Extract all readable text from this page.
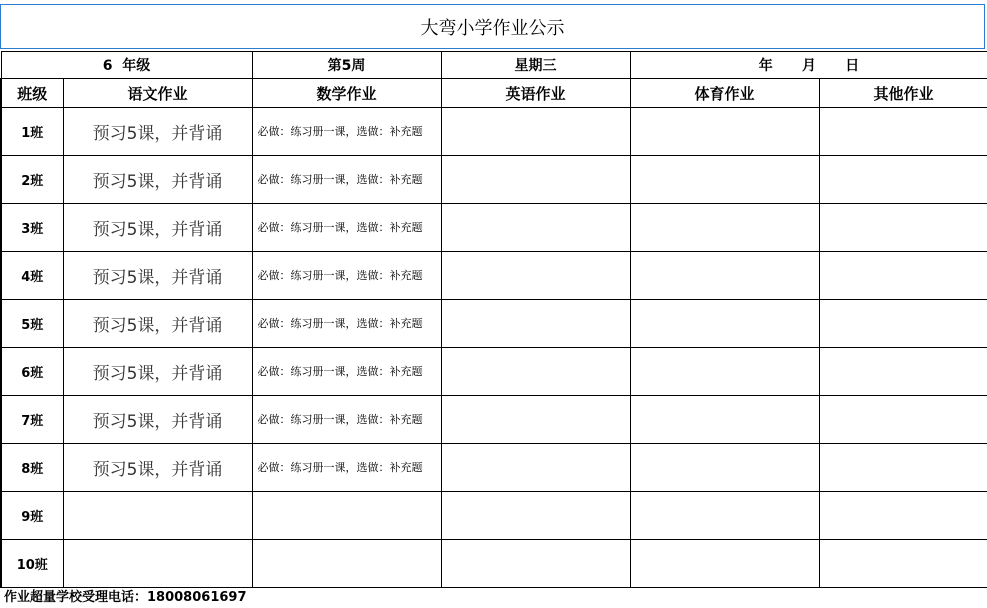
大弯小学作业公示
6  年级		第5周	星期三	年      月      日	
班级	语文作业	数学作业	英语作业	体育作业	其他作业
1班	预习5课，并背诵	必做：练习册一课，选做：补充题			
2班	预习5课，并背诵	必做：练习册一课，选做：补充题			
3班	预习5课，并背诵	必做：练习册一课，选做：补充题			
4班	预习5课，并背诵	必做：练习册一课，选做：补充题			
5班	预习5课，并背诵	必做：练习册一课，选做：补充题			
6班	预习5课，并背诵	必做：练习册一课，选做：补充题			
7班	预习5课，并背诵	必做：练习册一课，选做：补充题			
8班	预习5课，并背诵	必做：练习册一课，选做：补充题			
9班					
10班					
作业超量学校受理电话：18008061697
